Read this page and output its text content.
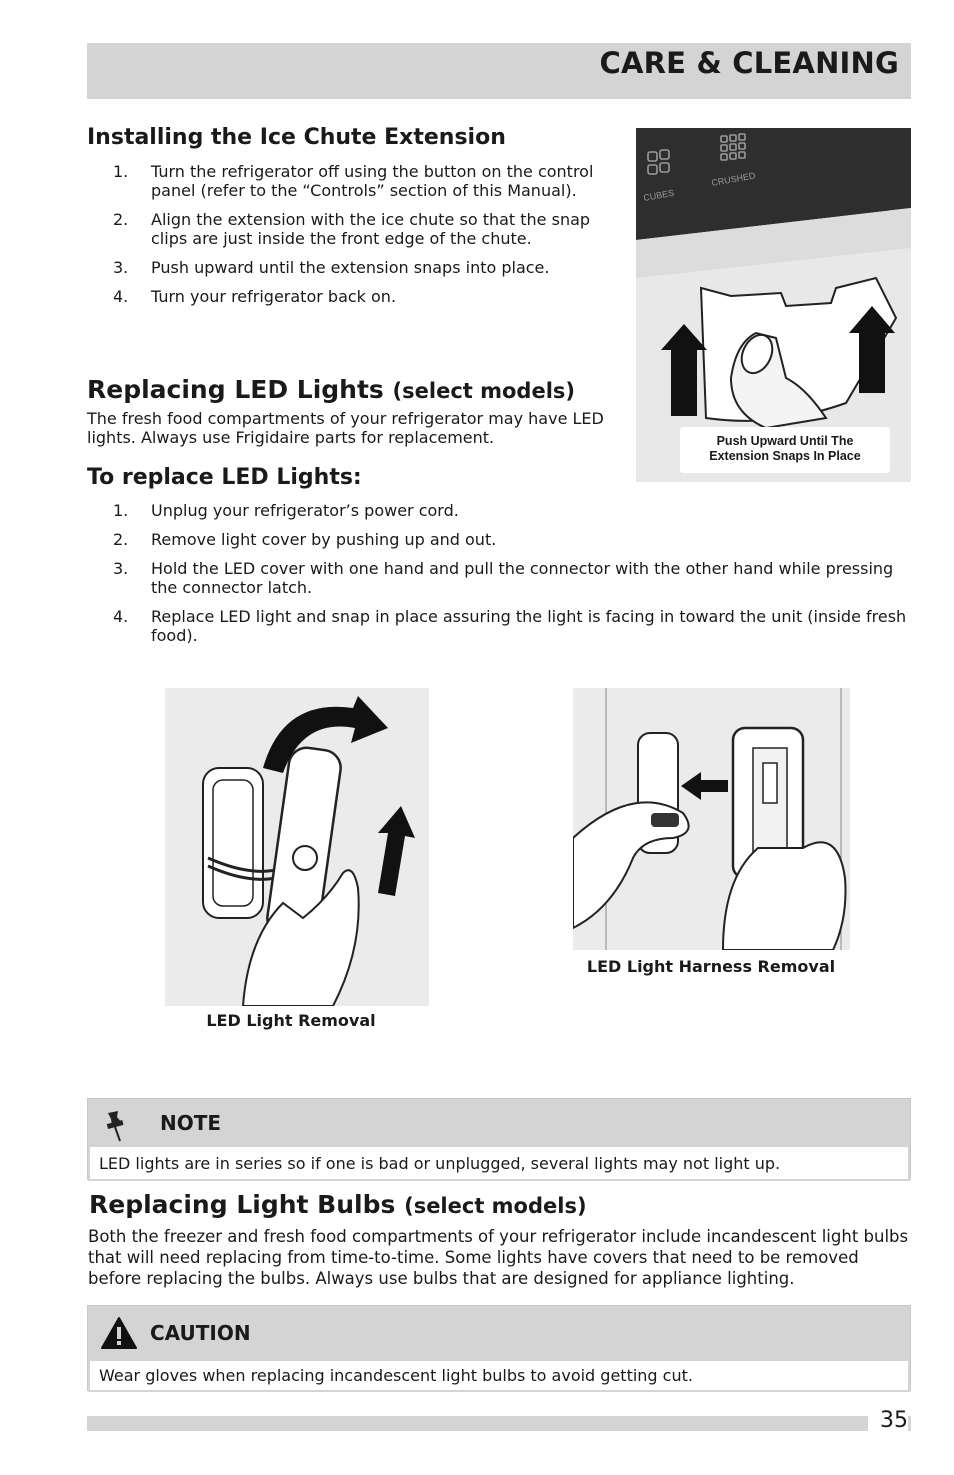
CARE & CLEANING
Installing the Ice Chute Extension
1. Turn the refrigerator off using the button on the control panel (refer to the “Controls” section of this Manual).
2. Align the extension with the ice chute so that the snap clips are just inside the front edge of the chute.
3. Push upward until the extension snaps into place.
4. Turn your refrigerator back on.
CUBES
CRUSHED
Push Upward Until The
Extension Snaps In Place
Replacing LED Lights (select models)

The fresh food compartments of your refrigerator may have LED lights. Always use Frigidaire parts for replacement.

To replace LED Lights:
1. Unplug your refrigerator’s power cord.
2. Remove light cover by pushing up and out.
3. Hold the LED cover with one hand and pull the connector with the other hand while pressing the connector latch.
4. Replace LED light and snap in place assuring the light is facing in toward the unit (inside fresh food).
LED Light Removal
LED Light Harness Removal
NOTE
LED lights are in series so if one is bad or unplugged, several lights may not light up.
Replacing Light Bulbs (select models)

Both the freezer and fresh food compartments of your refrigerator include incandescent light bulbs that will need replacing from time-to-time. Some lights have covers that need to be removed before replacing the bulbs. Always use bulbs that are designed for appliance lighting.

CAUTION
Wear gloves when replacing incandescent light bulbs to avoid getting cut.
35
